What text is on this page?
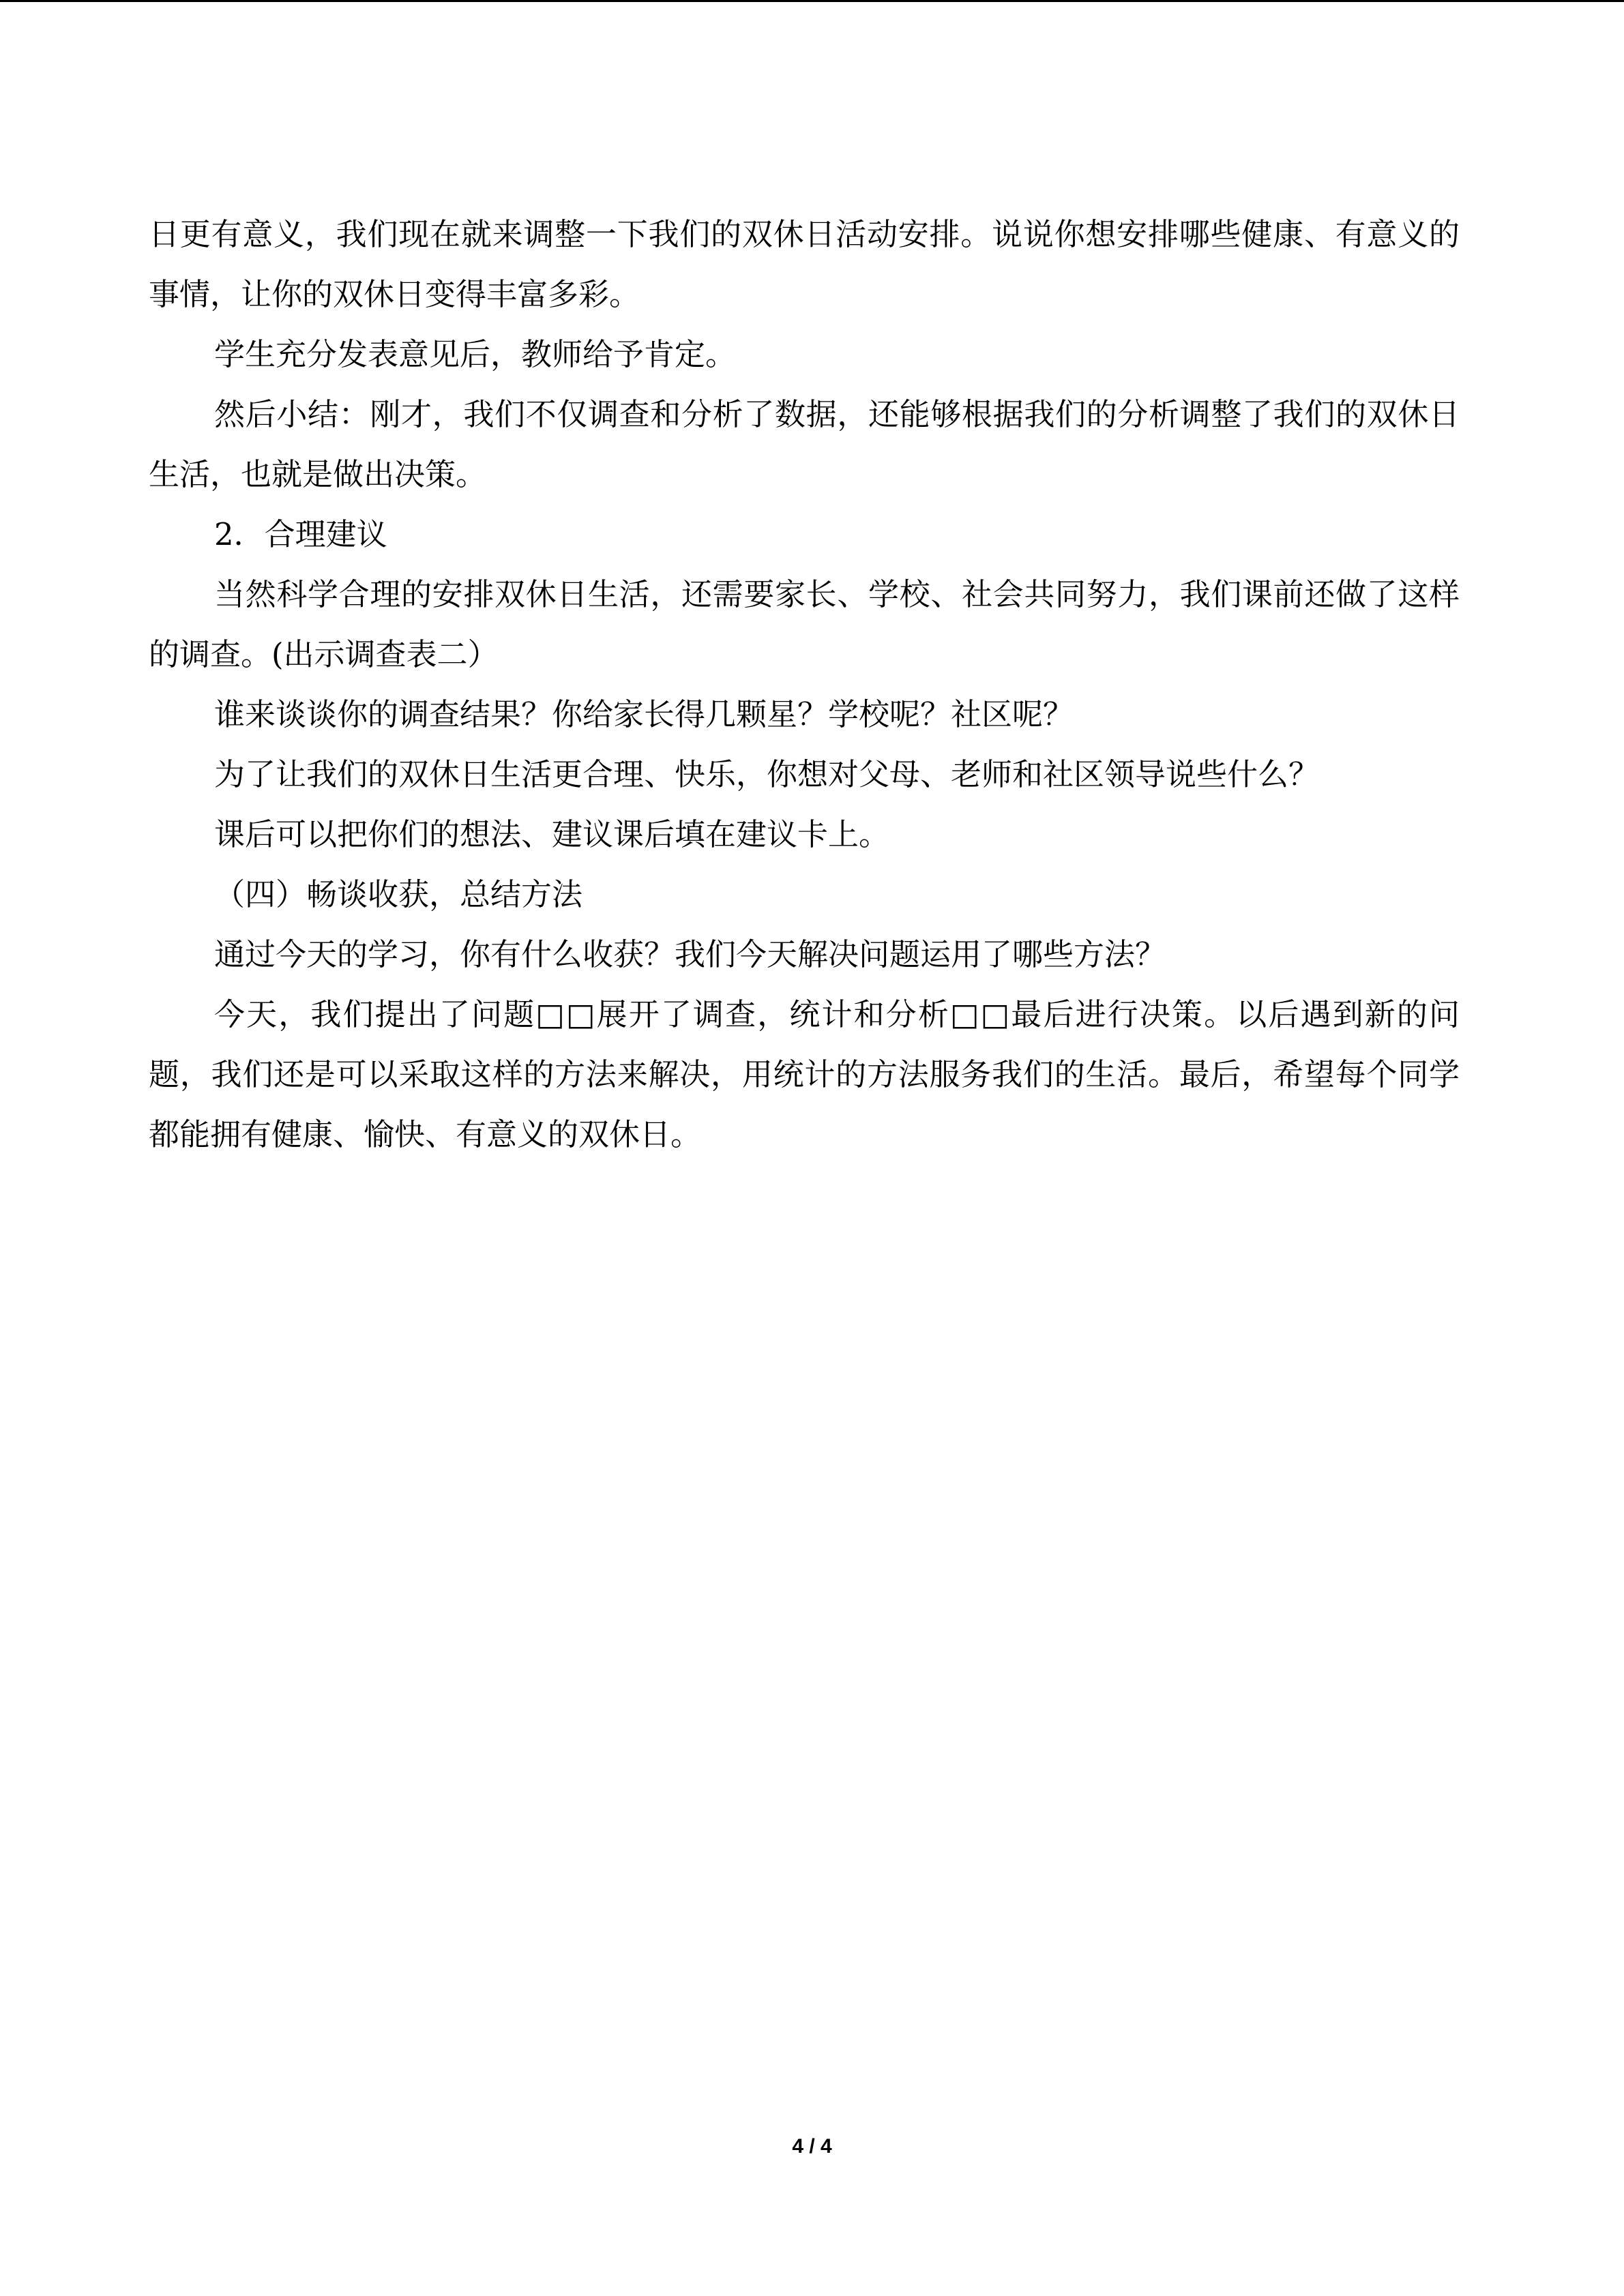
日更有意义，我们现在就来调整一下我们的双休日活动安排。说说你想安排哪些健康、有意义的事情，让你的双休日变得丰富多彩。

学生充分发表意见后，教师给予肯定。

然后小结：刚才，我们不仅调查和分析了数据，还能够根据我们的分析调整了我们的双休日生活，也就是做出决策。

2．合理建议

当然科学合理的安排双休日生活，还需要家长、学校、社会共同努力，我们课前还做了这样的调查。(出示调查表二）

谁来谈谈你的调查结果？你给家长得几颗星？学校呢？社区呢？

为了让我们的双休日生活更合理、快乐，你想对父母、老师和社区领导说些什么？

课后可以把你们的想法、建议课后填在建议卡上。

（四）畅谈收获，总结方法

通过今天的学习，你有什么收获？我们今天解决问题运用了哪些方法？

今天，我们提出了问题□□展开了调查，统计和分析□□最后进行决策。以后遇到新的问题，我们还是可以采取这样的方法来解决，用统计的方法服务我们的生活。最后，希望每个同学都能拥有健康、愉快、有意义的双休日。

4 / 4
